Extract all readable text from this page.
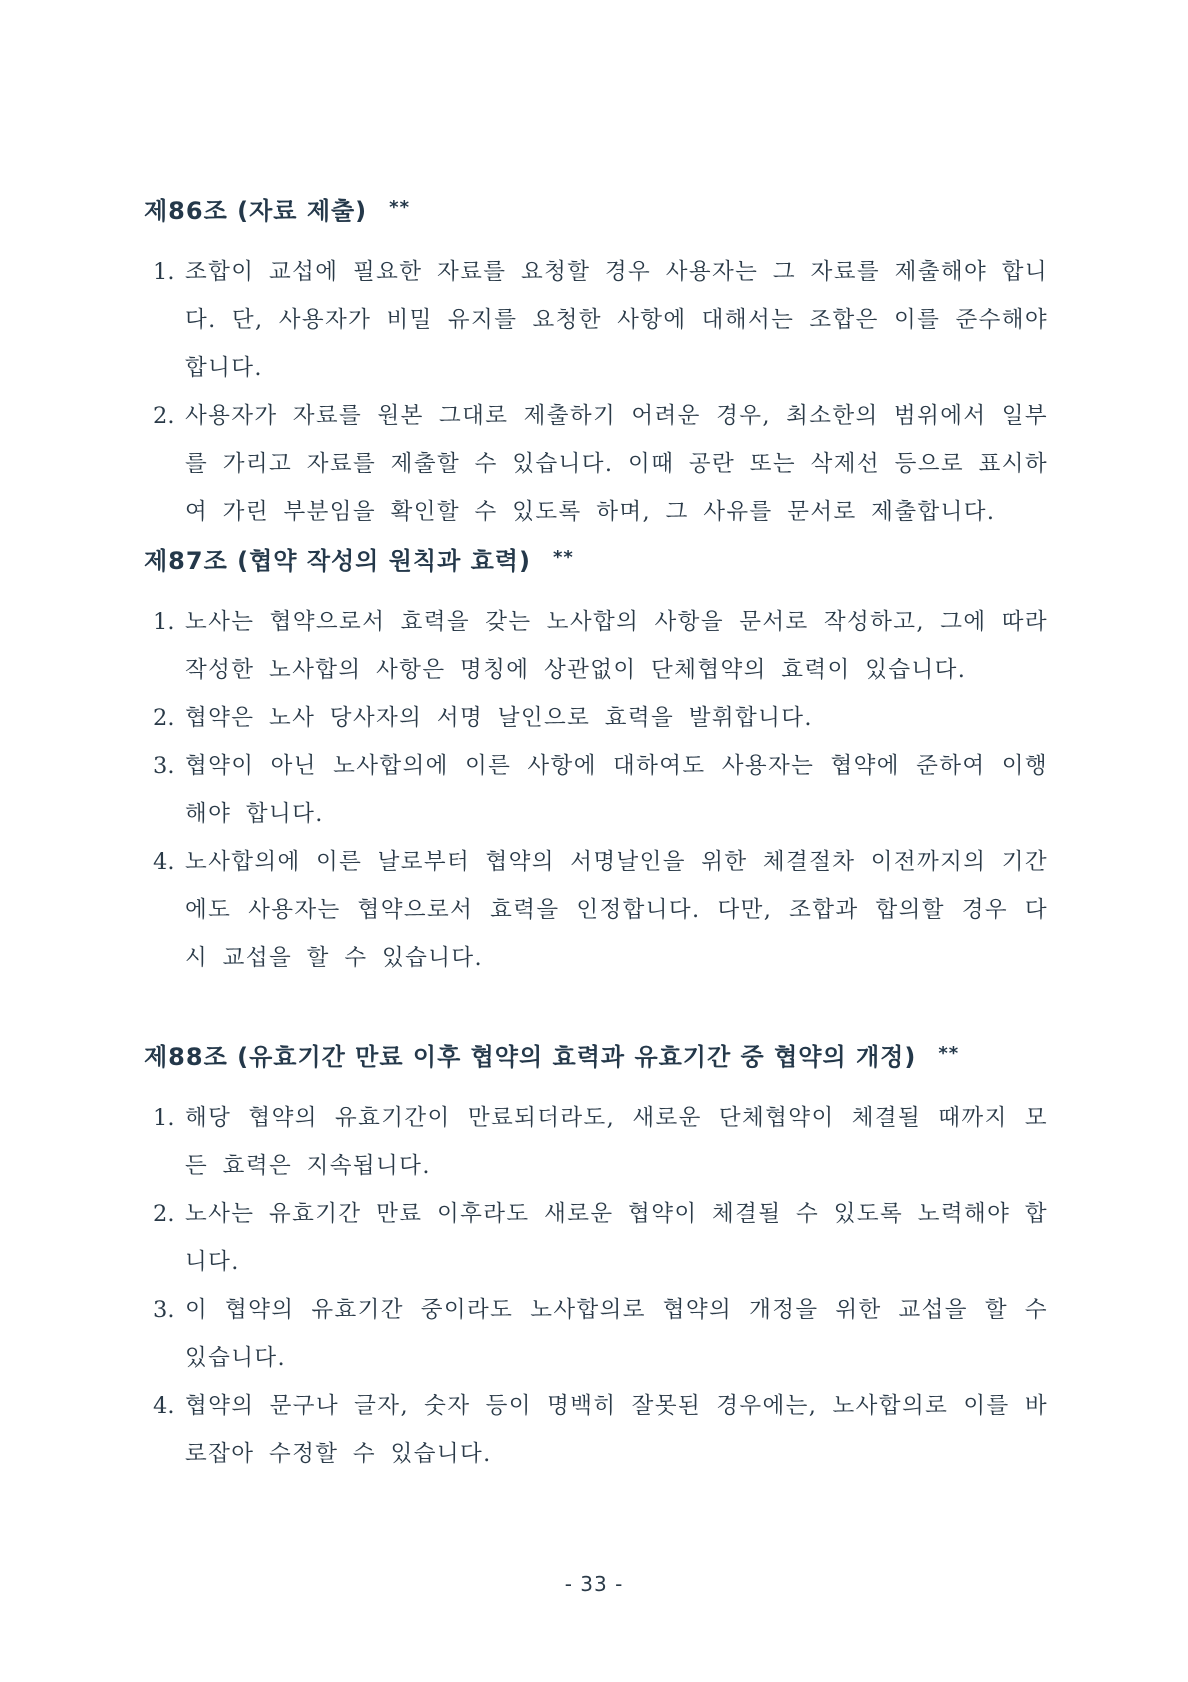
제86조 (자료 제출) **
1. 조합이 교섭에 필요한 자료를 요청할 경우 사용자는 그 자료를 제출해야 합니다. 단, 사용자가 비밀 유지를 요청한 사항에 대해서는 조합은 이를 준수해야 합니다.
2. 사용자가 자료를 원본 그대로 제출하기 어려운 경우, 최소한의 범위에서 일부를 가리고 자료를 제출할 수 있습니다. 이때 공란 또는 삭제선 등으로 표시하여 가린 부분임을 확인할 수 있도록 하며, 그 사유를 문서로 제출합니다.
제87조 (협약 작성의 원칙과 효력) **
1. 노사는 협약으로서 효력을 갖는 노사합의 사항을 문서로 작성하고, 그에 따라 작성한 노사합의 사항은 명칭에 상관없이 단체협약의 효력이 있습니다.
2. 협약은 노사 당사자의 서명 날인으로 효력을 발휘합니다.
3. 협약이 아닌 노사합의에 이른 사항에 대하여도 사용자는 협약에 준하여 이행해야 합니다.
4. 노사합의에 이른 날로부터 협약의 서명날인을 위한 체결절차 이전까지의 기간에도 사용자는 협약으로서 효력을 인정합니다. 다만, 조합과 합의할 경우 다시 교섭을 할 수 있습니다.
제88조 (유효기간 만료 이후 협약의 효력과 유효기간 중 협약의 개정) **
1. 해당 협약의 유효기간이 만료되더라도, 새로운 단체협약이 체결될 때까지 모든 효력은 지속됩니다.
2. 노사는 유효기간 만료 이후라도 새로운 협약이 체결될 수 있도록 노력해야 합니다.
3. 이 협약의 유효기간 중이라도 노사합의로 협약의 개정을 위한 교섭을 할 수 있습니다.
4. 협약의 문구나 글자, 숫자 등이 명백히 잘못된 경우에는, 노사합의로 이를 바로잡아 수정할 수 있습니다.
- 33 -
